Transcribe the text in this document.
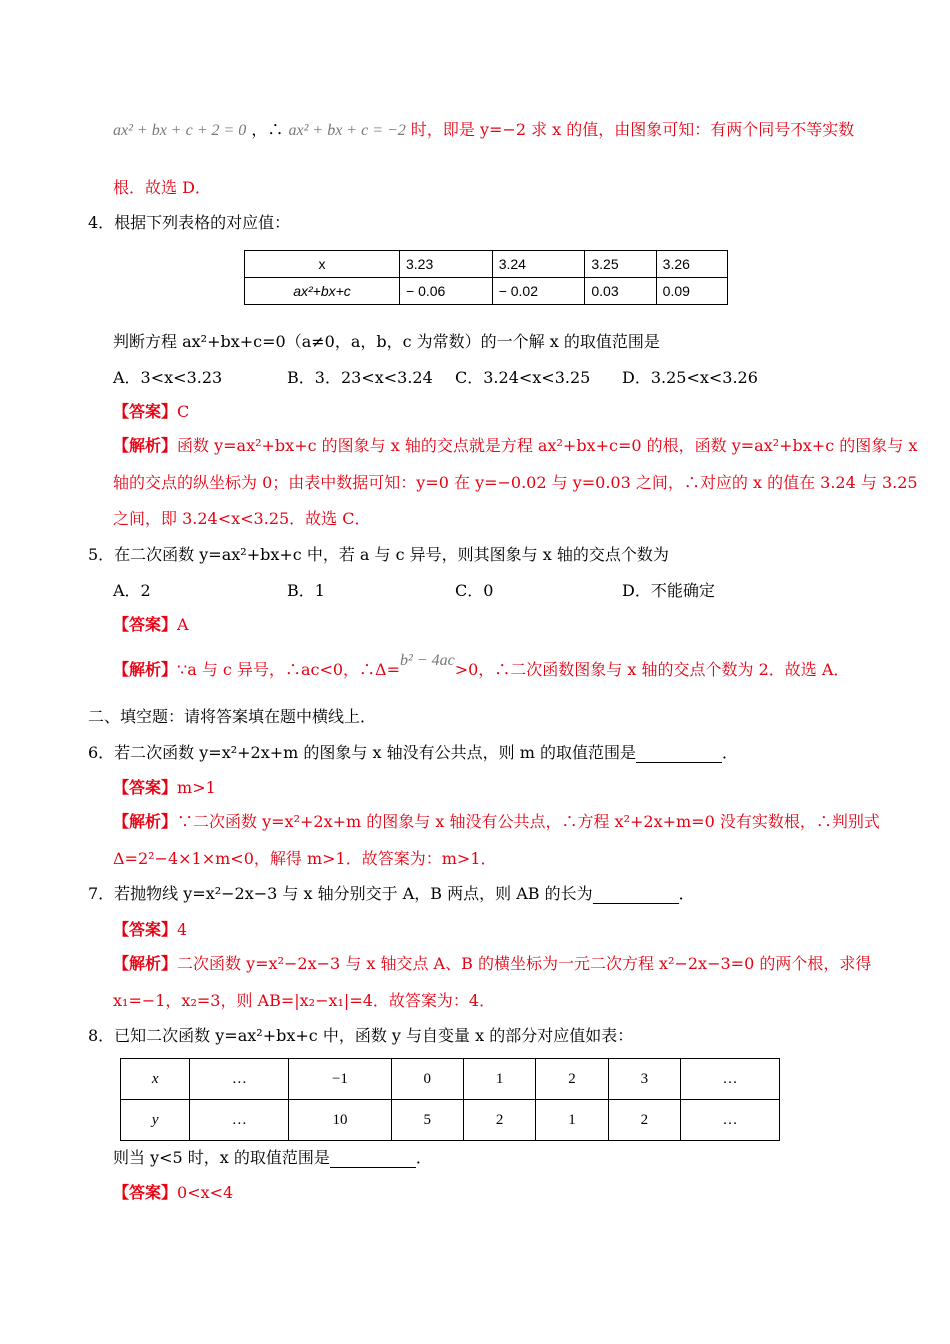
ax² + bx + c + 2 = 0 ，∴ ax² + bx + c = −2 时，即是 y=−2 求 x 的值，由图象可知：有两个同号不等实数
根．故选 D．
4．根据下列表格的对应值：
x	3.23	3.24	3.25	3.26
ax²+bx+c	− 0.06	− 0.02	0.03	0.09
判断方程 ax²+bx+c=0（a≠0，a，b，c 为常数）的一个解 x 的取值范围是
A．3<x<3.23	B．3．23<x<3.24 C．3.24<x<3.25 D．3.25<x<3.26
【答案】C
【解析】函数 y=ax²+bx+c 的图象与 x 轴的交点就是方程 ax²+bx+c=0 的根，函数 y=ax²+bx+c 的图象与 x
轴的交点的纵坐标为 0；由表中数据可知：y=0 在 y=−0.02 与 y=0.03 之间，∴对应的 x 的值在 3.24 与 3.25
之间，即 3.24<x<3.25．故选 C．
5．在二次函数 y=ax²+bx+c 中，若 a 与 c 异号，则其图象与 x 轴的交点个数为
A．2	B．1	C．0	D．不能确定
【答案】A
【解析】∵a 与 c 异号，∴ac<0，∴Δ=b² − 4ac>0，∴二次函数图象与 x 轴的交点个数为 2．故选 A．
二、填空题：请将答案填在题中横线上．
6．若二次函数 y=x²+2x+m 的图象与 x 轴没有公共点，则 m 的取值范围是	．
【答案】m>1
【解析】∵二次函数 y=x²+2x+m 的图象与 x 轴没有公共点，∴方程 x²+2x+m=0 没有实数根，∴判别式
Δ=2²−4×1×m<0，解得 m>1．故答案为：m>1．
7．若抛物线 y=x²−2x−3 与 x 轴分别交于 A，B 两点，则 AB 的长为	．
【答案】4
【解析】二次函数 y=x²−2x−3 与 x 轴交点 A、B 的横坐标为一元二次方程 x²−2x−3=0 的两个根，求得
x₁=−1，x₂=3，则 AB=|x₂−x₁|=4．故答案为：4．
8．已知二次函数 y=ax²+bx+c 中，函数 y 与自变量 x 的部分对应值如表：
x	…	−1	0	1	2	3	…
y	…	10	5	2	1	2	…
则当 y<5 时，x 的取值范围是	．
【答案】0<x<4
